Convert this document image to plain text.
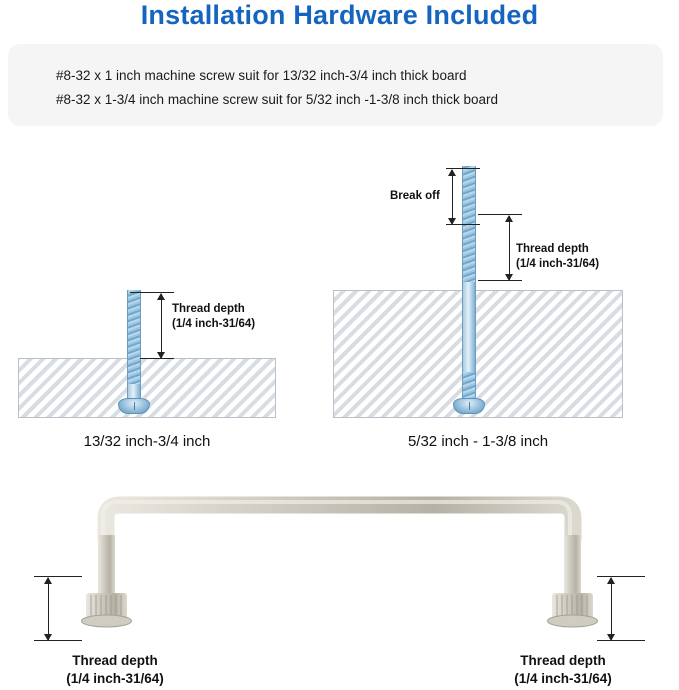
Installation Hardware Included
#8-32 x 1 inch machine screw suit for 13/32 inch-3/4 inch thick board
#8-32 x 1-3/4 inch machine screw suit for 5/32 inch -1-3/8 inch thick board
Thread depth
(1/4 inch-31/64)
13/32 inch-3/4 inch
Break off
Thread depth
(1/4 inch-31/64)
5/32 inch - 1-3/8 inch
Thread depth
(1/4 inch-31/64)
Thread depth
(1/4 inch-31/64)
